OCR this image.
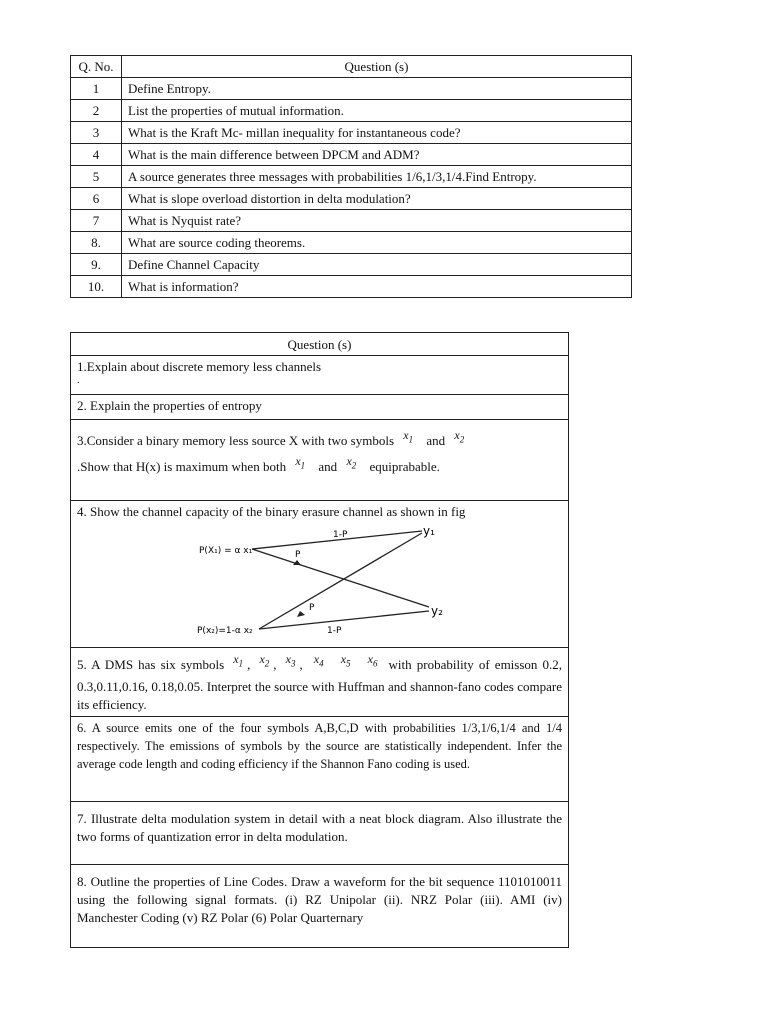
Q. No.	Question (s)
1	Define Entropy.
2	List the properties of mutual information.
3	What is the Kraft Mc- millan inequality for instantaneous code?
4	What is the main difference between DPCM and ADM?
5	A source generates three messages with probabilities 1/6,1/3,1/4.Find Entropy.
6	What is slope overload distortion in delta modulation?
7	What is Nyquist rate?
8.	What are source coding theorems.
9.	Define Channel Capacity
10.	What is information?
Question (s)

1.Explain about discrete memory less channels
.

2. Explain the properties of entropy

3.Consider a binary memory less source X with two symbols $x_1$ and $x_2$
.Show that H(x) is maximum when both $x_1$ and $x_2$ equiprabable.

4. Show the channel capacity of the binary erasure channel as shown in fig
P(X₁) = α x₁
P(x₂)=1-α x₂
y₁
y₂
1-P
P
P
1-P

5. A DMS has six symbols $x_1$ , $x_2$ , $x_3$ , $x_4$ $x_5$ $x_6$ with probability of emisson 0.2, 0.3,0.11,0.16, 0.18,0.05. Interpret the source with Huffman and shannon-fano codes compare its efficiency.
6. A source emits one of the four symbols A,B,C,D with probabilities 1/3,1/6,1/4 and 1/4 respectively. The emissions of symbols by the source are statistically independent. Infer the average code length and coding efficiency if the Shannon Fano coding is used.
7. Illustrate delta modulation system in detail with a neat block diagram. Also illustrate the two forms of quantization error in delta modulation.
8. Outline the properties of Line Codes. Draw a waveform for the bit sequence 1101010011 using the following signal formats. (i) RZ Unipolar (ii). NRZ Polar (iii). AMI (iv) Manchester Coding (v) RZ Polar (6) Polar Quarternary
